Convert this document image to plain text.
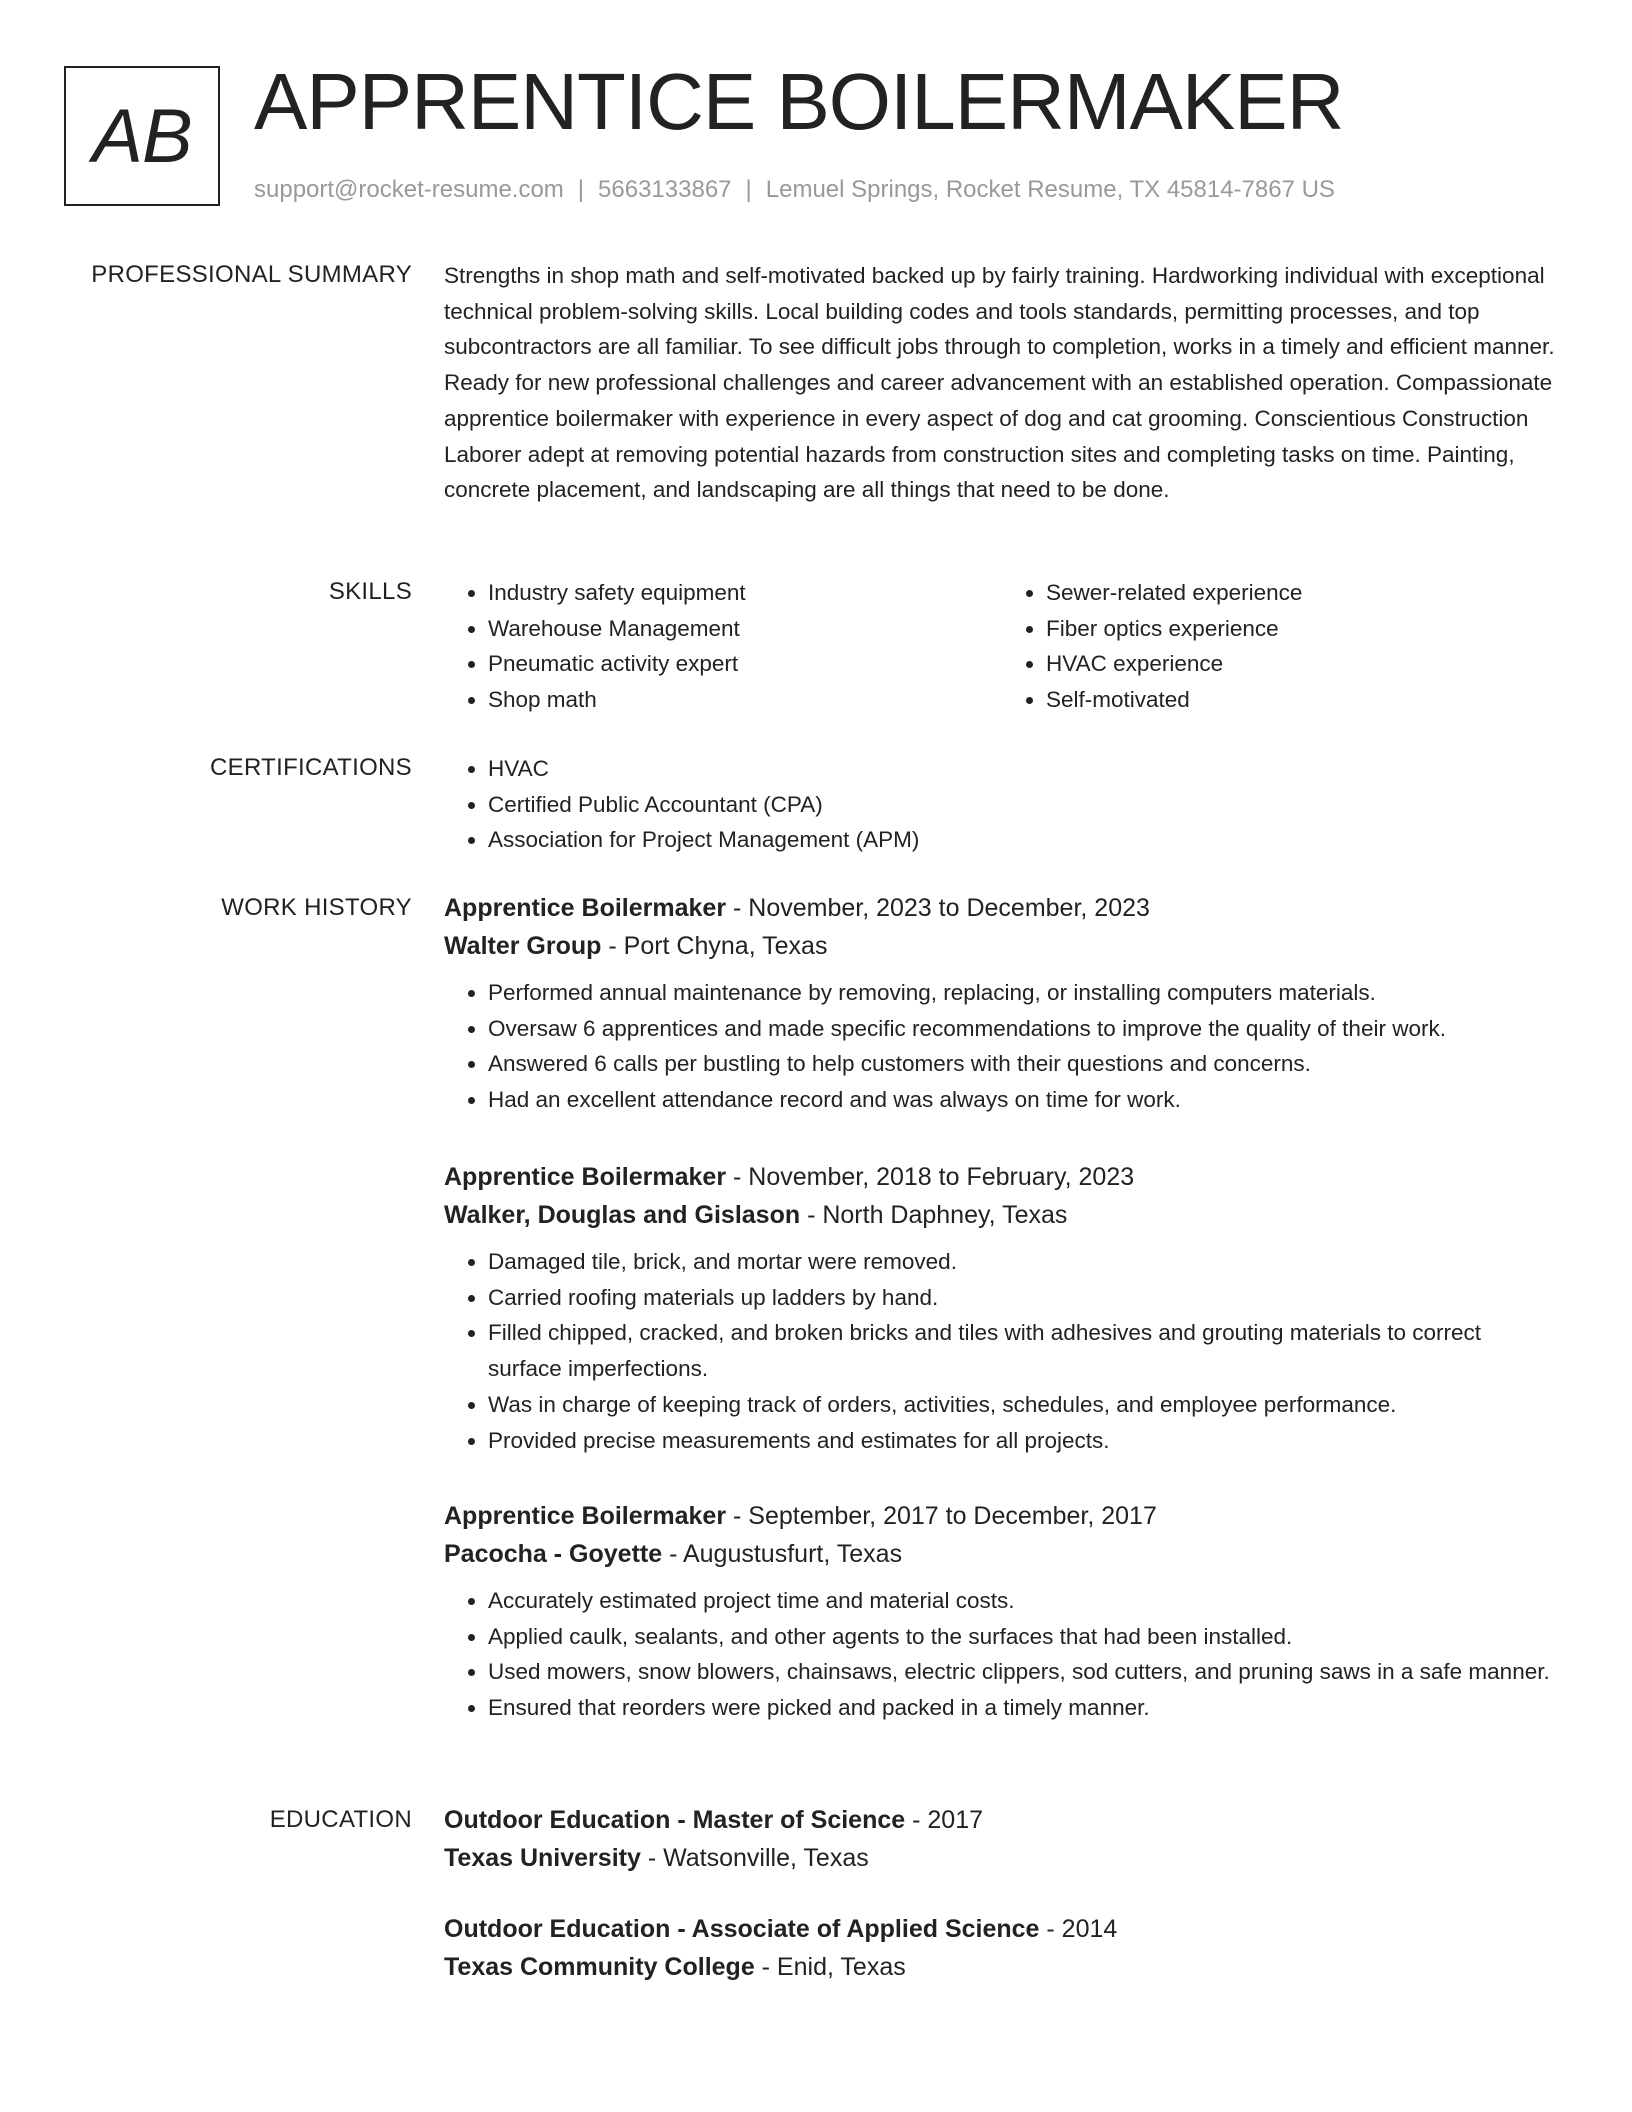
AB APPRENTICE BOILERMAKER
support@rocket-resume.com | 5663133867 | Lemuel Springs, Rocket Resume, TX 45814-7867 US
PROFESSIONAL SUMMARY Strengths in shop math and self-motivated backed up by fairly training. Hardworking individual with exceptional technical problem-solving skills. Local building codes and tools standards, permitting processes, and top subcontractors are all familiar. To see difficult jobs through to completion, works in a timely and efficient manner. Ready for new professional challenges and career advancement with an established operation. Compassionate apprentice boilermaker with experience in every aspect of dog and cat grooming. Conscientious Construction Laborer adept at removing potential hazards from construction sites and completing tasks on time. Painting, concrete placement, and landscaping are all things that need to be done.

SKILLS	• Industry safety equipment
• Warehouse Management
• Pneumatic activity expert
• Shop math
• Sewer-related experience
• Fiber optics experience
• HVAC experience
• Self-motivated
CERTIFICATIONS	• HVAC
• Certified Public Accountant (CPA)
• Association for Project Management (APM)
WORK HISTORY Apprentice Boilermaker - November, 2023 to December, 2023
Walter Group - Port Chyna, Texas
• Performed annual maintenance by removing, replacing, or installing computers materials.
• Oversaw 6 apprentices and made specific recommendations to improve the quality of their work.
• Answered 6 calls per bustling to help customers with their questions and concerns.
• Had an excellent attendance record and was always on time for work.
Apprentice Boilermaker - November, 2018 to February, 2023
Walker, Douglas and Gislason - North Daphney, Texas
• Damaged tile, brick, and mortar were removed.
• Carried roofing materials up ladders by hand.
• Filled chipped, cracked, and broken bricks and tiles with adhesives and grouting materials to correct surface imperfections.
• Was in charge of keeping track of orders, activities, schedules, and employee performance.
• Provided precise measurements and estimates for all projects.
Apprentice Boilermaker - September, 2017 to December, 2017
Pacocha - Goyette - Augustusfurt, Texas
• Accurately estimated project time and material costs.
• Applied caulk, sealants, and other agents to the surfaces that had been installed.
• Used mowers, snow blowers, chainsaws, electric clippers, sod cutters, and pruning saws in a safe manner.
• Ensured that reorders were picked and packed in a timely manner.
EDUCATION Outdoor Education - Master of Science - 2017
Texas University - Watsonville, Texas
Outdoor Education - Associate of Applied Science - 2014
Texas Community College - Enid, Texas
